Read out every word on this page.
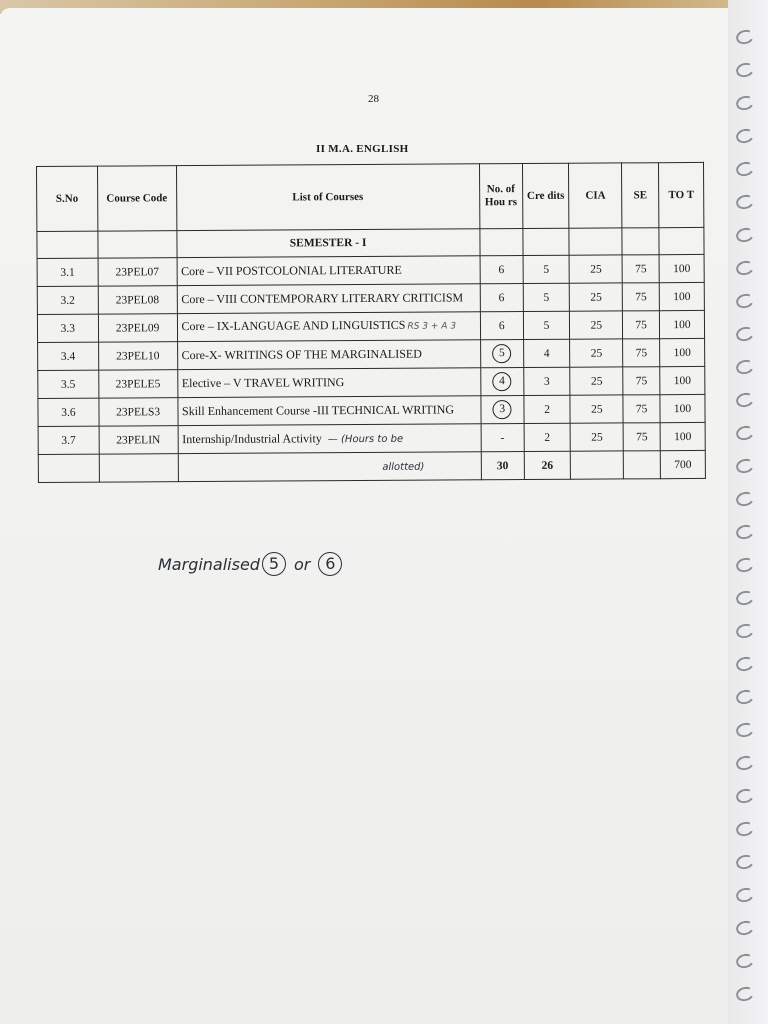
28
II M.A. ENGLISH
S.No	Course Code	List of Courses	No. of Hou rs	Cre dits	CIA	SE	TO T
		SEMESTER - I					
3.1	23PEL07	Core – VII POSTCOLONIAL LITERATURE	6	5	25	75	100
3.2	23PEL08	Core – VIII CONTEMPORARY LITERARY CRITICISM	6	5	25	75	100
3.3	23PEL09	Core – IX-LANGUAGE AND LINGUISTICS RS 3 + A 3	6	5	25	75	100
3.4	23PEL10	Core-X- WRITINGS OF THE MARGINALISED	5	4	25	75	100
3.5	23PELE5	Elective – V TRAVEL WRITING	4	3	25	75	100
3.6	23PELS3	Skill Enhancement Course -III TECHNICAL WRITING	3	2	25	75	100
3.7	23PELIN	Internship/Industrial Activity — (Hours to be	-	2	25	75	100
		allotted)	30	26			700
Marginalised 5 or 6
